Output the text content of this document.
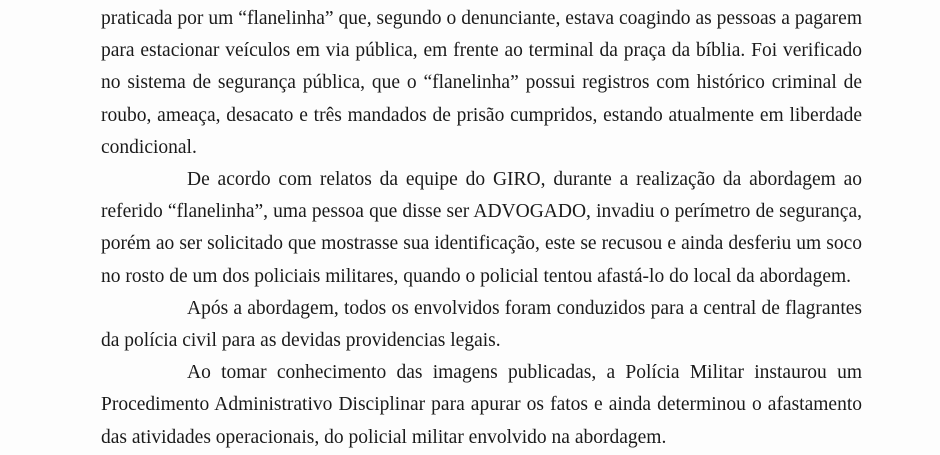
praticada por um “flanelinha” que, segundo o denunciante, estava coagindo as pessoas a pagarem para estacionar veículos em via pública, em frente ao terminal da praça da bíblia. Foi verificado no sistema de segurança pública, que o “flanelinha” possui registros com histórico criminal de roubo, ameaça, desacato e três mandados de prisão cumpridos, estando atualmente em liberdade condicional.

De acordo com relatos da equipe do GIRO, durante a realização da abordagem ao referido “flanelinha”, uma pessoa que disse ser ADVOGADO, invadiu o perímetro de segurança, porém ao ser solicitado que mostrasse sua identificação, este se recusou e ainda desferiu um soco no rosto de um dos policiais militares, quando o policial tentou afastá-lo do local da abordagem.

Após a abordagem, todos os envolvidos foram conduzidos para a central de flagrantes da polícia civil para as devidas providencias legais.

Ao tomar conhecimento das imagens publicadas, a Polícia Militar instaurou um Procedimento Administrativo Disciplinar para apurar os fatos e ainda determinou o afastamento das atividades operacionais, do policial militar envolvido na abordagem.
